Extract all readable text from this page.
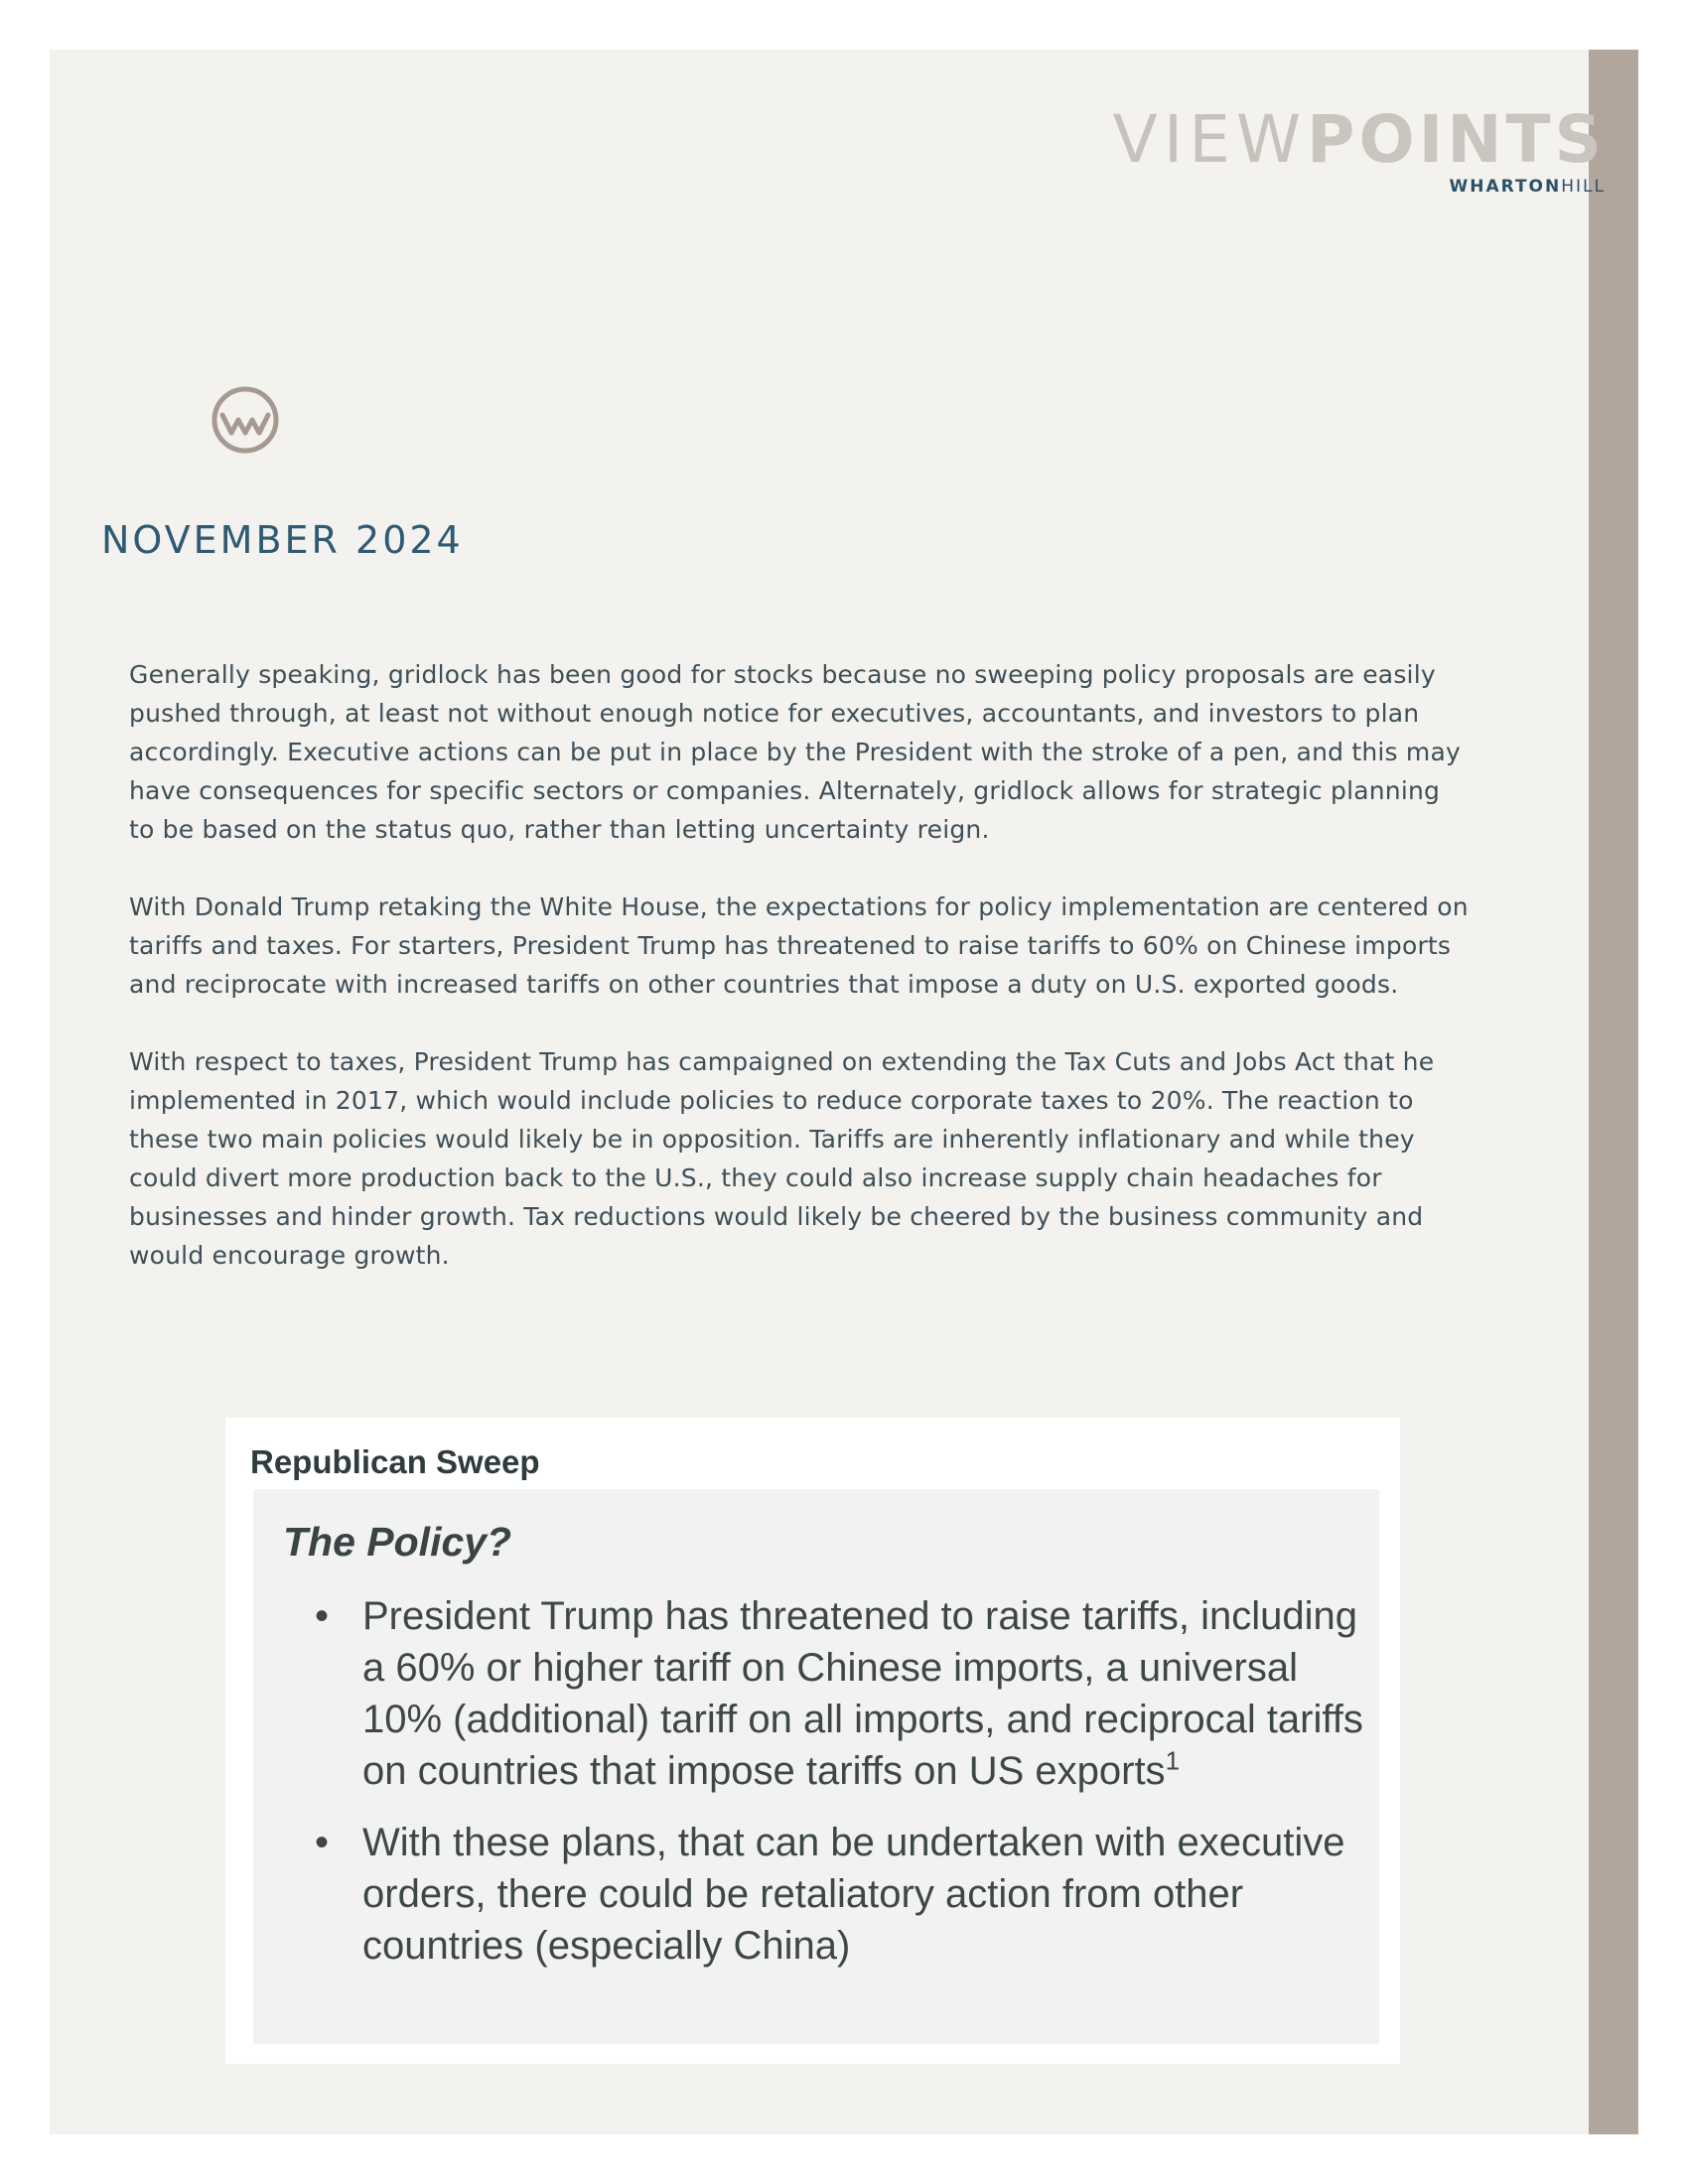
VIEWPOINTS
WHARTONHILL
NOVEMBER 2024

Generally speaking, gridlock has been good for stocks because no sweeping policy proposals are easily pushed through, at least not without enough notice for executives, accountants, and investors to plan accordingly. Executive actions can be put in place by the President with the stroke of a pen, and this may have consequences for specific sectors or companies. Alternately, gridlock allows for strategic planning to be based on the status quo, rather than letting uncertainty reign.

With Donald Trump retaking the White House, the expectations for policy implementation are centered on tariffs and taxes. For starters, President Trump has threatened to raise tariffs to 60% on Chinese imports and reciprocate with increased tariffs on other countries that impose a duty on U.S. exported goods.

With respect to taxes, President Trump has campaigned on extending the Tax Cuts and Jobs Act that he implemented in 2017, which would include policies to reduce corporate taxes to 20%. The reaction to these two main policies would likely be in opposition. Tariffs are inherently inflationary and while they could divert more production back to the U.S., they could also increase supply chain headaches for businesses and hinder growth. Tax reductions would likely be cheered by the business community and would encourage growth.

Republican Sweep
The Policy?
• President Trump has threatened to raise tariffs, including a 60% or higher tariff on Chinese imports, a universal 10% (additional) tariff on all imports, and reciprocal tariffs on countries that impose tariffs on US exports$^1$
• With these plans, that can be undertaken with executive orders, there could be retaliatory action from other countries (especially China)
